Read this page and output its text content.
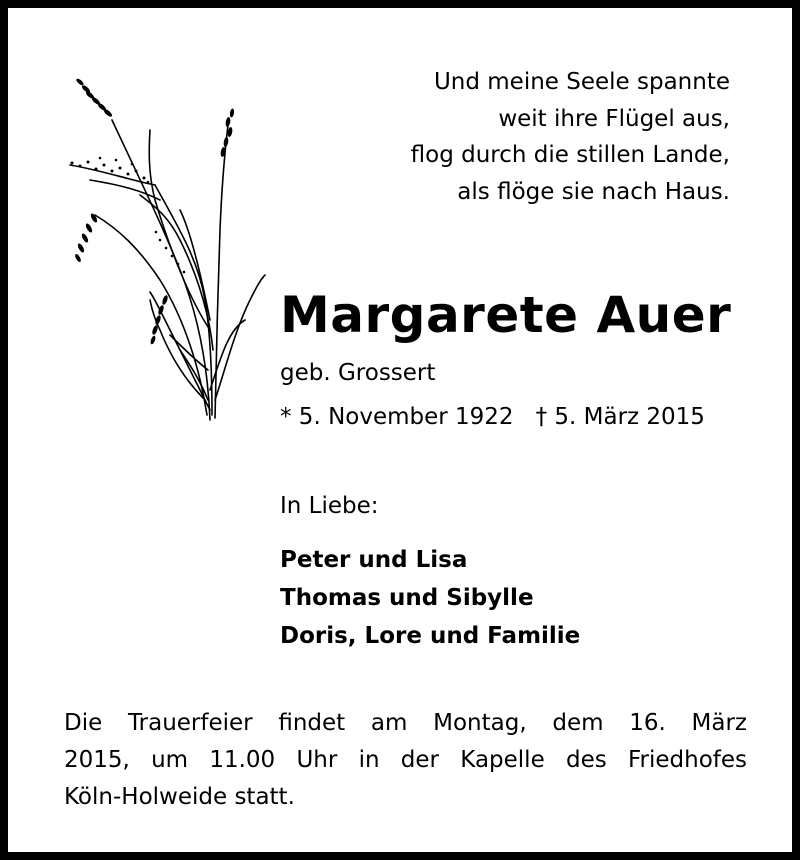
Und meine Seele spannte
weit ihre Flügel aus,
flog durch die stillen Lande,
als flöge sie nach Haus.
Margarete Auer
geb. Grossert
* 5. November 1922 † 5. März 2015
In Liebe:
Peter und Lisa
Thomas und Sibylle
Doris, Lore und Familie
Die Trauerfeier findet am Montag, dem 16. März
2015, um 11.00 Uhr in der Kapelle des Friedhofes
Köln-Holweide statt.
